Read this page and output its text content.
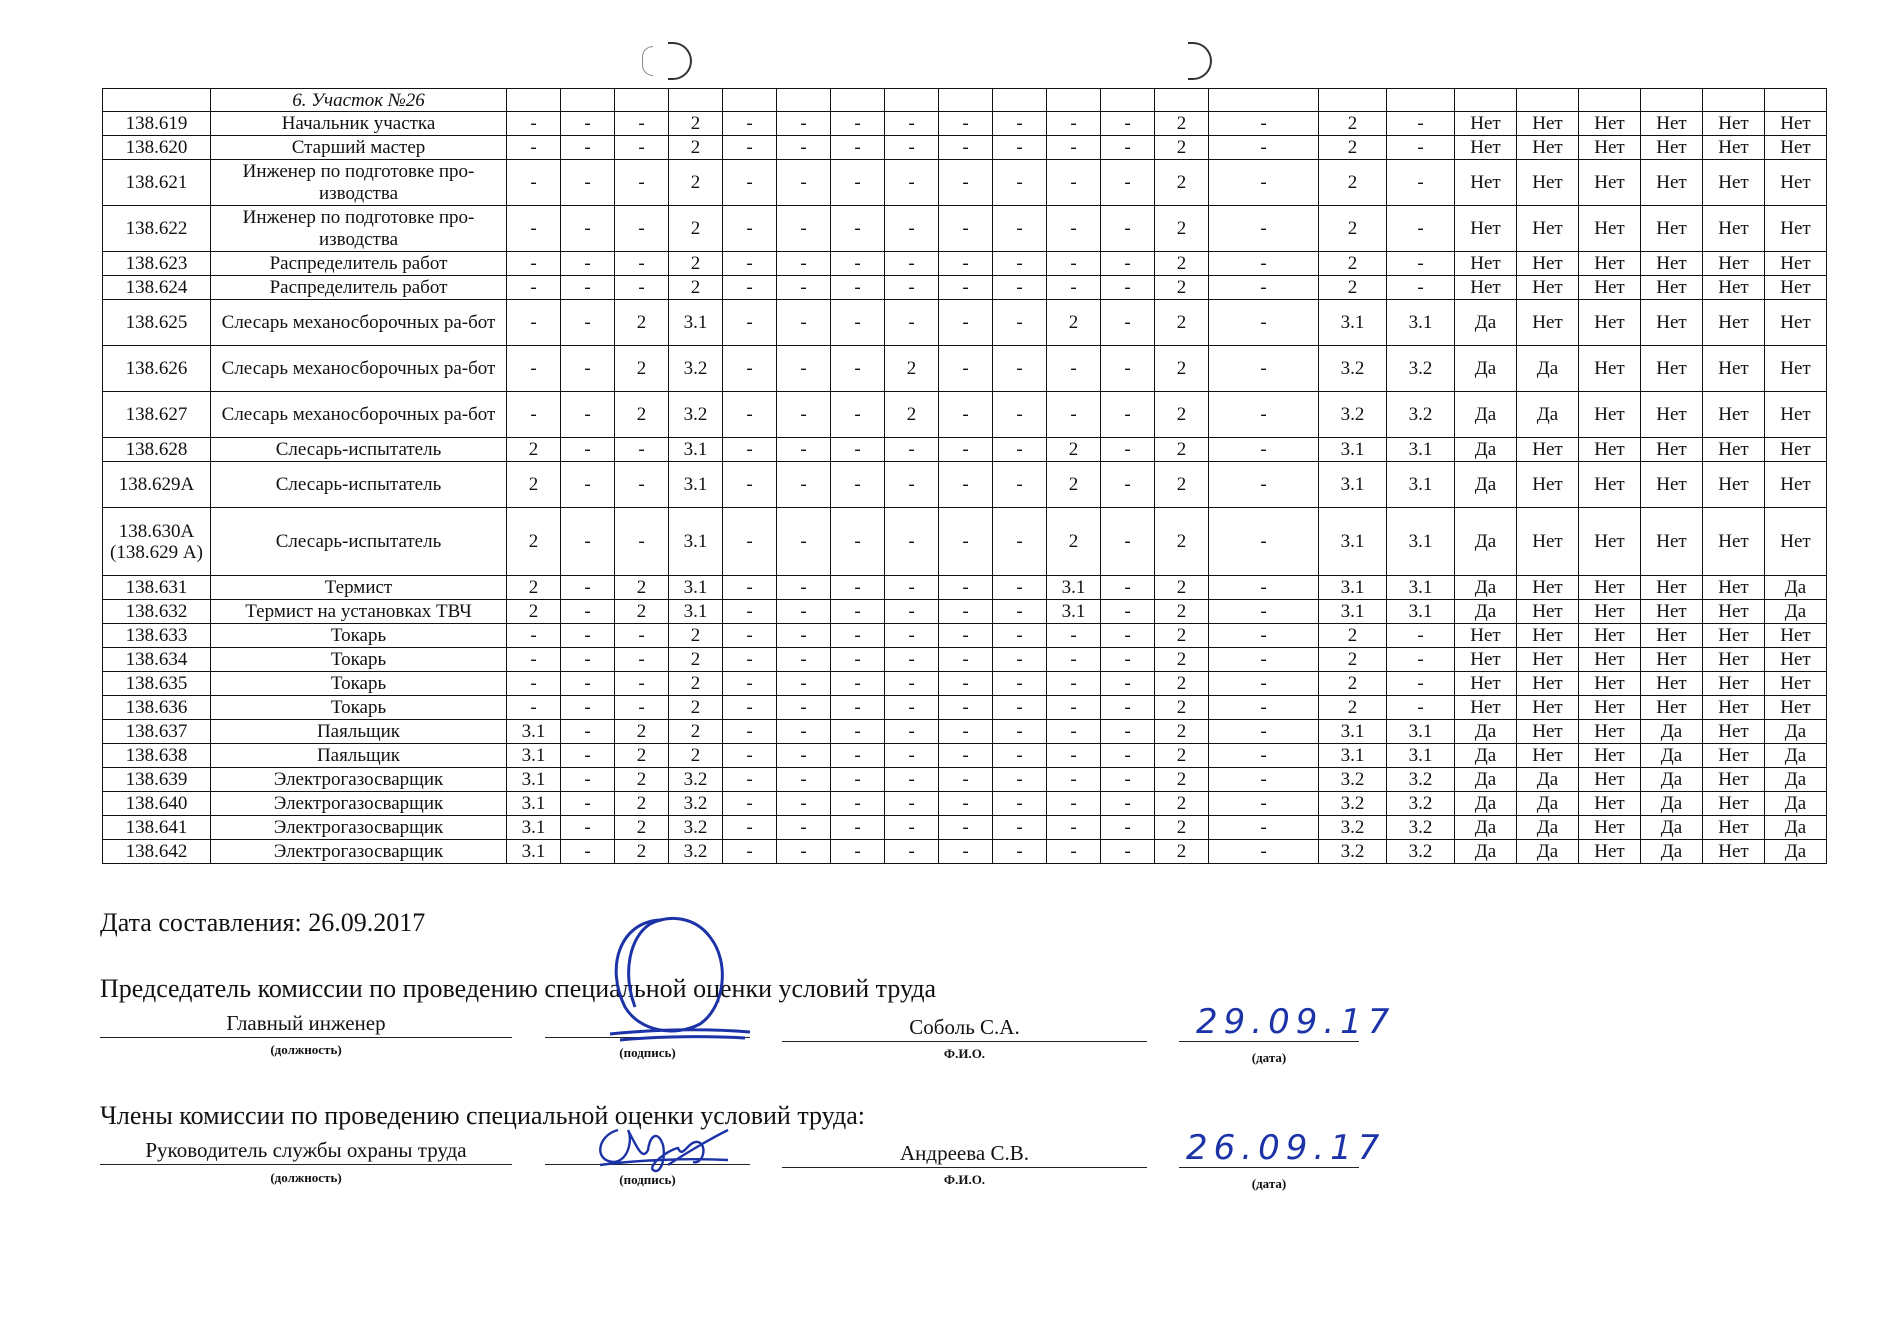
	6. Участок №26																						
138.619	Начальник участка	-	-	-	2	-	-	-	-	-	-	-	-	2	-	2	-	Нет	Нет	Нет	Нет	Нет	Нет
138.620	Старший мастер	-	-	-	2	-	-	-	-	-	-	-	-	2	-	2	-	Нет	Нет	Нет	Нет	Нет	Нет
138.621	Инженер по подготовке про-изводства	-	-	-	2	-	-	-	-	-	-	-	-	2	-	2	-	Нет	Нет	Нет	Нет	Нет	Нет
138.622	Инженер по подготовке про-изводства	-	-	-	2	-	-	-	-	-	-	-	-	2	-	2	-	Нет	Нет	Нет	Нет	Нет	Нет
138.623	Распределитель работ	-	-	-	2	-	-	-	-	-	-	-	-	2	-	2	-	Нет	Нет	Нет	Нет	Нет	Нет
138.624	Распределитель работ	-	-	-	2	-	-	-	-	-	-	-	-	2	-	2	-	Нет	Нет	Нет	Нет	Нет	Нет
138.625	Слесарь механосборочных ра-бот	-	-	2	3.1	-	-	-	-	-	-	2	-	2	-	3.1	3.1	Да	Нет	Нет	Нет	Нет	Нет
138.626	Слесарь механосборочных ра-бот	-	-	2	3.2	-	-	-	2	-	-	-	-	2	-	3.2	3.2	Да	Да	Нет	Нет	Нет	Нет
138.627	Слесарь механосборочных ра-бот	-	-	2	3.2	-	-	-	2	-	-	-	-	2	-	3.2	3.2	Да	Да	Нет	Нет	Нет	Нет
138.628	Слесарь-испытатель	2	-	-	3.1	-	-	-	-	-	-	2	-	2	-	3.1	3.1	Да	Нет	Нет	Нет	Нет	Нет
138.629А	Слесарь-испытатель	2	-	-	3.1	-	-	-	-	-	-	2	-	2	-	3.1	3.1	Да	Нет	Нет	Нет	Нет	Нет
138.630А (138.629 А)	Слесарь-испытатель	2	-	-	3.1	-	-	-	-	-	-	2	-	2	-	3.1	3.1	Да	Нет	Нет	Нет	Нет	Нет
138.631	Термист	2	-	2	3.1	-	-	-	-	-	-	3.1	-	2	-	3.1	3.1	Да	Нет	Нет	Нет	Нет	Да
138.632	Термист на установках ТВЧ	2	-	2	3.1	-	-	-	-	-	-	3.1	-	2	-	3.1	3.1	Да	Нет	Нет	Нет	Нет	Да
138.633	Токарь	-	-	-	2	-	-	-	-	-	-	-	-	2	-	2	-	Нет	Нет	Нет	Нет	Нет	Нет
138.634	Токарь	-	-	-	2	-	-	-	-	-	-	-	-	2	-	2	-	Нет	Нет	Нет	Нет	Нет	Нет
138.635	Токарь	-	-	-	2	-	-	-	-	-	-	-	-	2	-	2	-	Нет	Нет	Нет	Нет	Нет	Нет
138.636	Токарь	-	-	-	2	-	-	-	-	-	-	-	-	2	-	2	-	Нет	Нет	Нет	Нет	Нет	Нет
138.637	Паяльщик	3.1	-	2	2	-	-	-	-	-	-	-	-	2	-	3.1	3.1	Да	Нет	Нет	Да	Нет	Да
138.638	Паяльщик	3.1	-	2	2	-	-	-	-	-	-	-	-	2	-	3.1	3.1	Да	Нет	Нет	Да	Нет	Да
138.639	Электрогазосварщик	3.1	-	2	3.2	-	-	-	-	-	-	-	-	2	-	3.2	3.2	Да	Да	Нет	Да	Нет	Да
138.640	Электрогазосварщик	3.1	-	2	3.2	-	-	-	-	-	-	-	-	2	-	3.2	3.2	Да	Да	Нет	Да	Нет	Да
138.641	Электрогазосварщик	3.1	-	2	3.2	-	-	-	-	-	-	-	-	2	-	3.2	3.2	Да	Да	Нет	Да	Нет	Да
138.642	Электрогазосварщик	3.1	-	2	3.2	-	-	-	-	-	-	-	-	2	-	3.2	3.2	Да	Да	Нет	Да	Нет	Да
Дата составления: 26.09.2017
Председатель комиссии по проведению специальной оценки условий труда
Главный инженер
(должность)	(подпись)
Соболь С.А.
Ф.И.О.
29.09.17
(дата)
Члены комиссии по проведению специальной оценки условий труда:
Руководитель службы охраны труда
(должность)	(подпись)
Андреева С.В.
Ф.И.О.
26.09.17
(дата)
